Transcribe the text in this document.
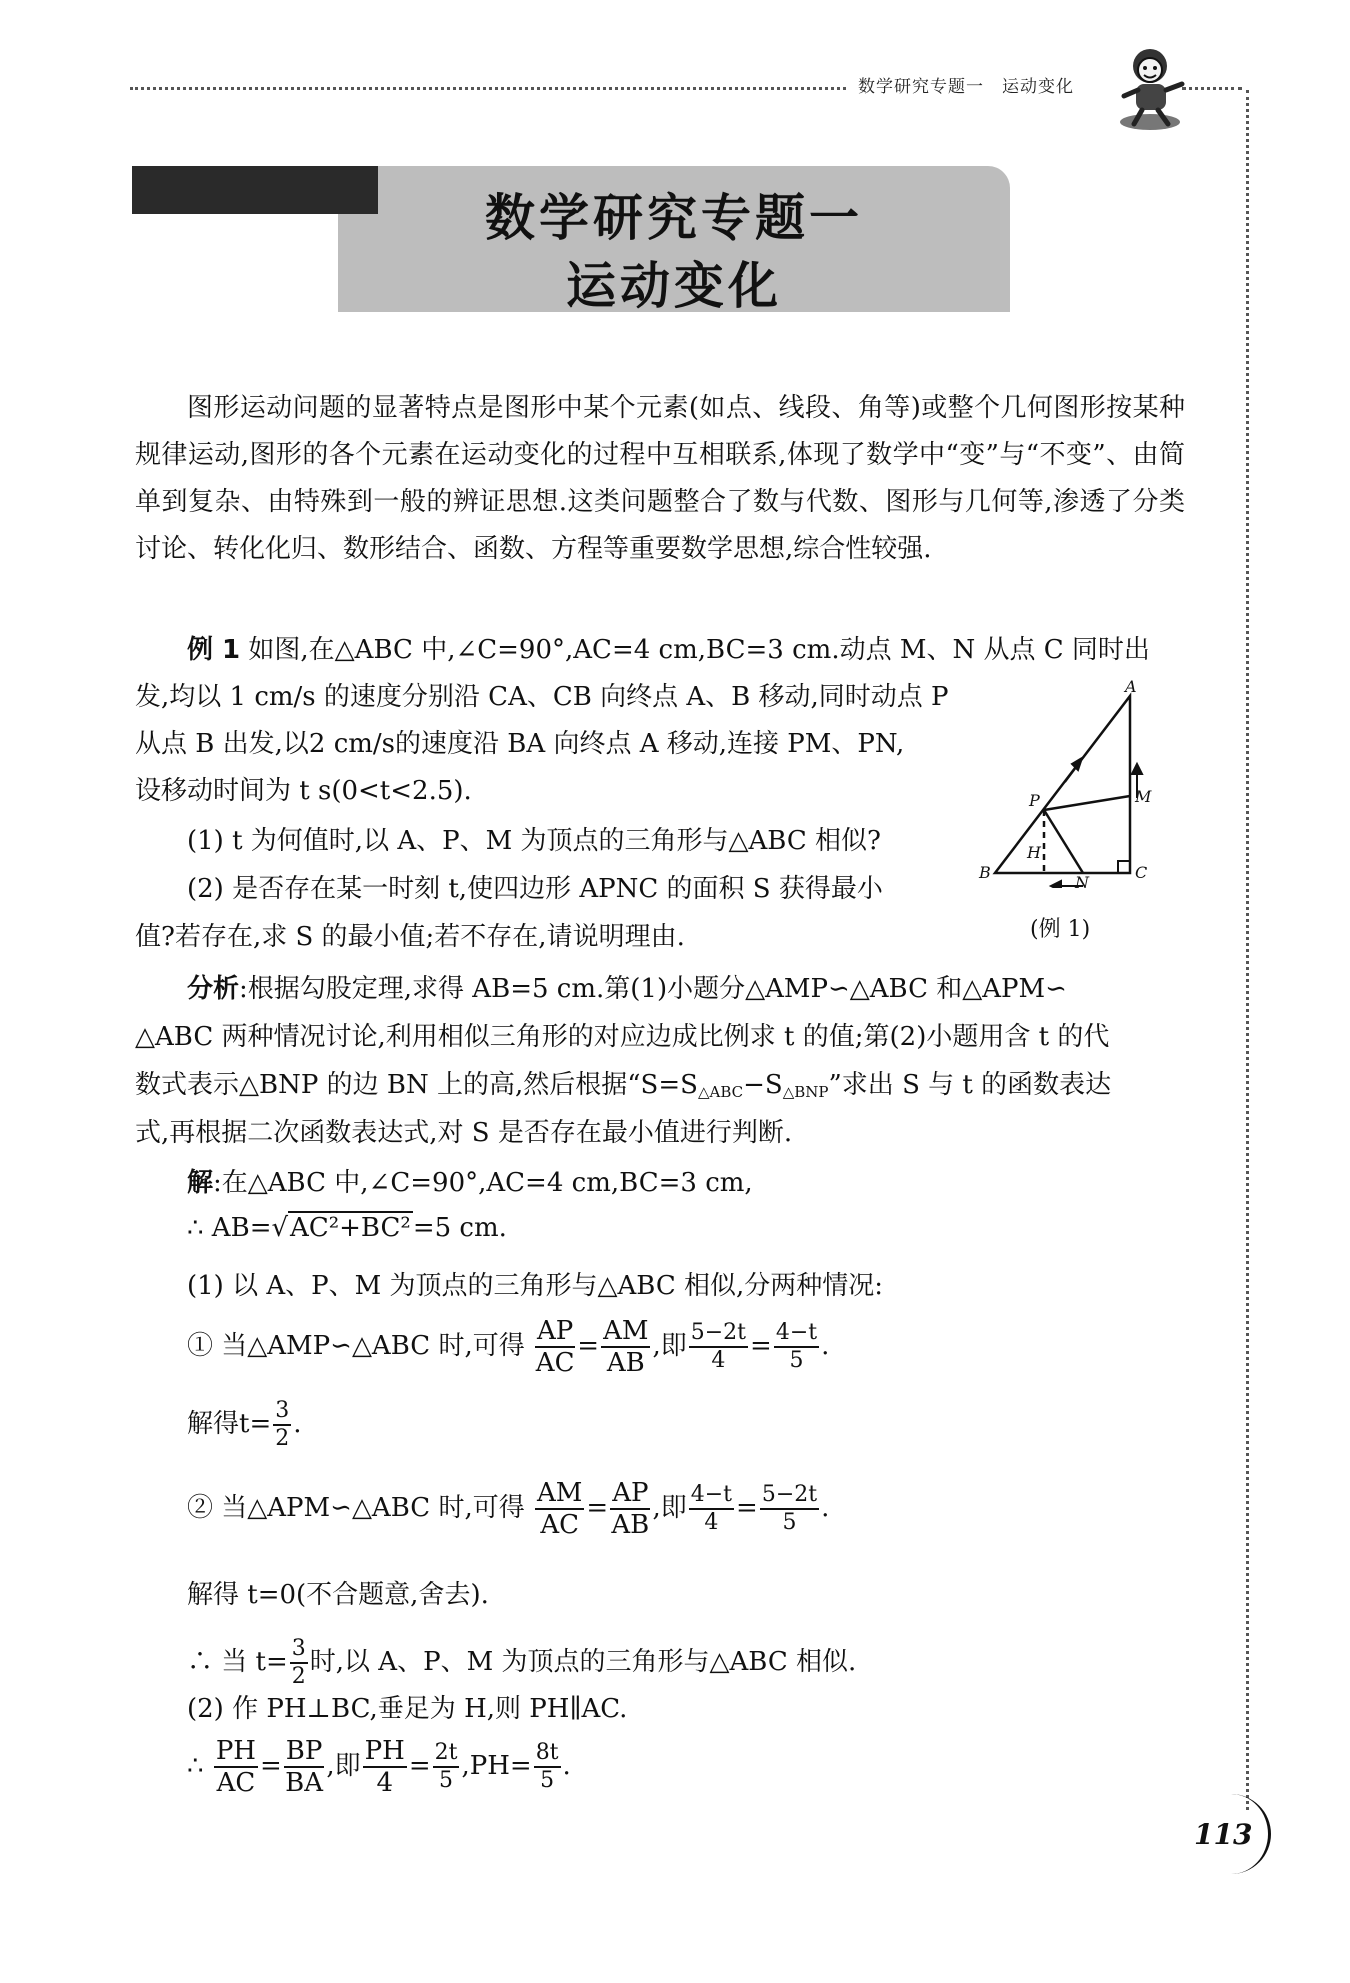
数学研究专题一　运动变化
数学研究专题一
运动变化

图形运动问题的显著特点是图形中某个元素(如点、线段、角等)或整个几何图形按某种规律运动,图形的各个元素在运动变化的过程中互相联系,体现了数学中“变”与“不变”、由简单到复杂、由特殊到一般的辨证思想.这类问题整合了数与代数、图形与几何等,渗透了分类讨论、转化化归、数形结合、函数、方程等重要数学思想,综合性较强.

例 1 如图,在△ABC 中,∠C=90°,AC=4 cm,BC=3 cm.动点 M、N 从点 C 同时出
发,均以 1 cm/s 的速度分别沿 CA、CB 向终点 A、B 移动,同时动点 P
从点 B 出发,以2 cm/s的速度沿 BA 向终点 A 移动,连接 PM、PN,
设移动时间为 t s(0<t<2.5).
(1) t 为何值时,以 A、P、M 为顶点的三角形与△ABC 相似?
(2) 是否存在某一时刻 t,使四边形 APNC 的面积 S 获得最小
值?若存在,求 S 的最小值;若不存在,请说明理由.
A
B	C
M
N
P
H
(例 1)
分析:根据勾股定理,求得 AB=5 cm.第(1)小题分△AMP∽△ABC 和△APM∽
△ABC 两种情况讨论,利用相似三角形的对应边成比例求 t 的值;第(2)小题用含 t 的代
数式表示△BNP 的边 BN 上的高,然后根据“$S=S_{\triangle ABC}-S_{\triangle BNP}$”求出 S 与 t 的函数表达
式,再根据二次函数表达式,对 S 是否存在最小值进行判断.
解:在△ABC 中,∠C=90°,AC=4 cm,BC=3 cm,
∴ AB=√AC²+BC²=5 cm.
(1) 以 A、P、M 为顶点的三角形与△ABC 相似,分两种情况:
① 当△AMP∽△ABC 时,可得 $\frac{AP}{AC} = \frac{AM}{AB}$ ,即 $\frac{5-2t}{4} = \frac{4-t}{5}$ .
解得$t= \frac{3}{2}$ .
② 当△APM∽△ABC 时,可得 $\frac{AM}{AC} = \frac{AP}{AB}$ ,即 $\frac{4-t}{4} = \frac{5-2t}{5}$ .
解得 t=0(不合题意,舍去).
∴ 当 $t= \frac{3}{2}$ 时,以 A、P、M 为顶点的三角形与△ABC 相似.
(2) 作 PH⊥BC,垂足为 H,则 PH∥AC.
∴ $\frac{PH}{AC} = \frac{BP}{BA}$ ,即 $\frac{PH}{4} = \frac{2t}{5} ,PH= \frac{8t}{5}$ .
113
